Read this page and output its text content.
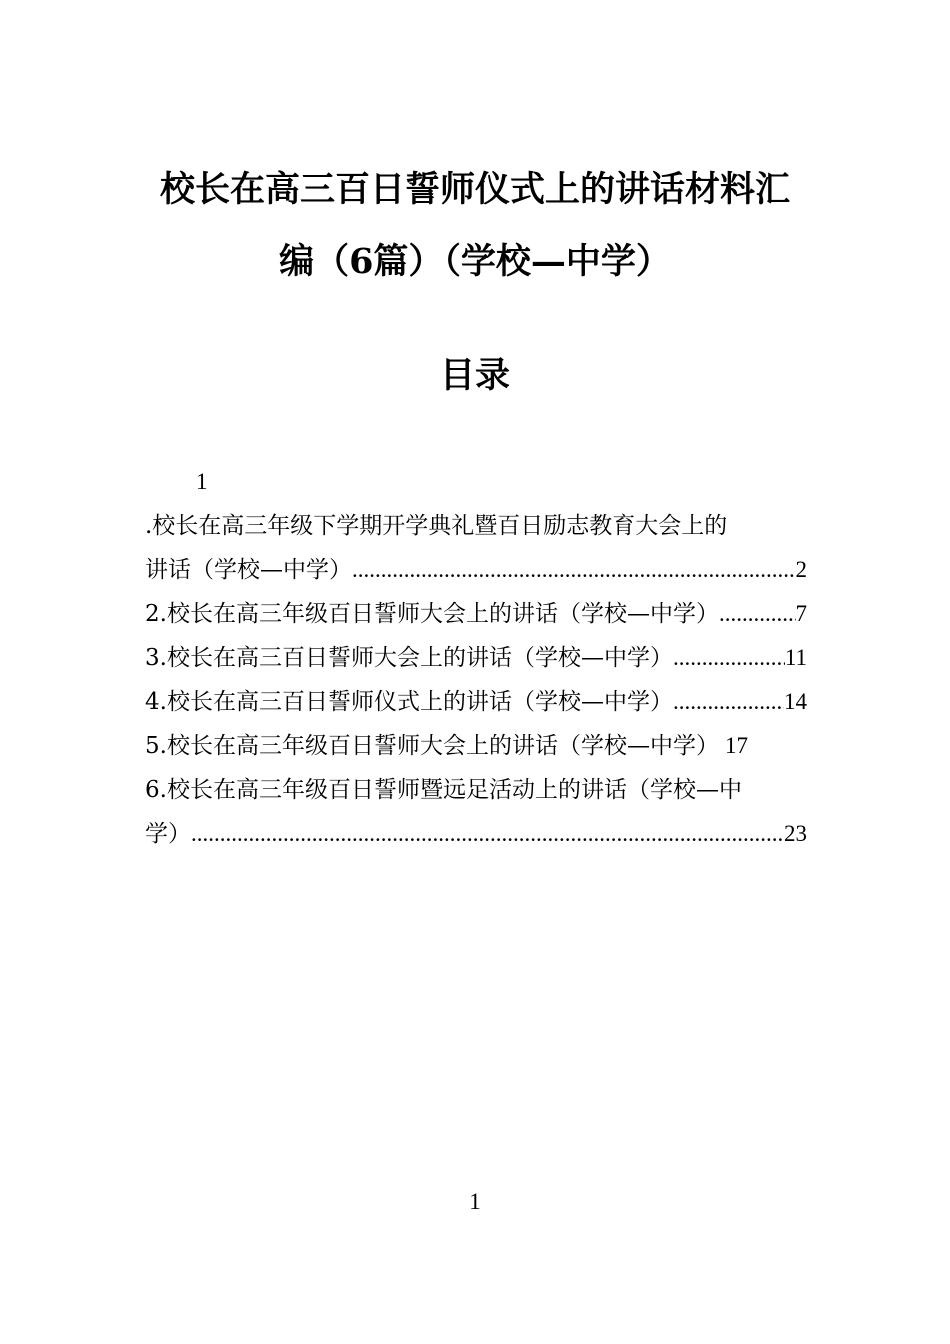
校长在高三百日誓师仪式上的讲话材料汇
编（6篇）（学校—中学）
目录
1
.校长在高三年级下学期开学典礼暨百日励志教育大会上的
讲话（学校—中学） .....	2
2.校长在高三年级百日誓师大会上的讲话（学校—中学） .....	7
3.校长在高三百日誓师大会上的讲话（学校—中学） .....	11
4.校长在高三百日誓师仪式上的讲话（学校—中学） .....	14
5.校长在高三年级百日誓师大会上的讲话（学校—中学） 17
6.校长在高三年级百日誓师暨远足活动上的讲话（学校—中
学） .....	23
1
